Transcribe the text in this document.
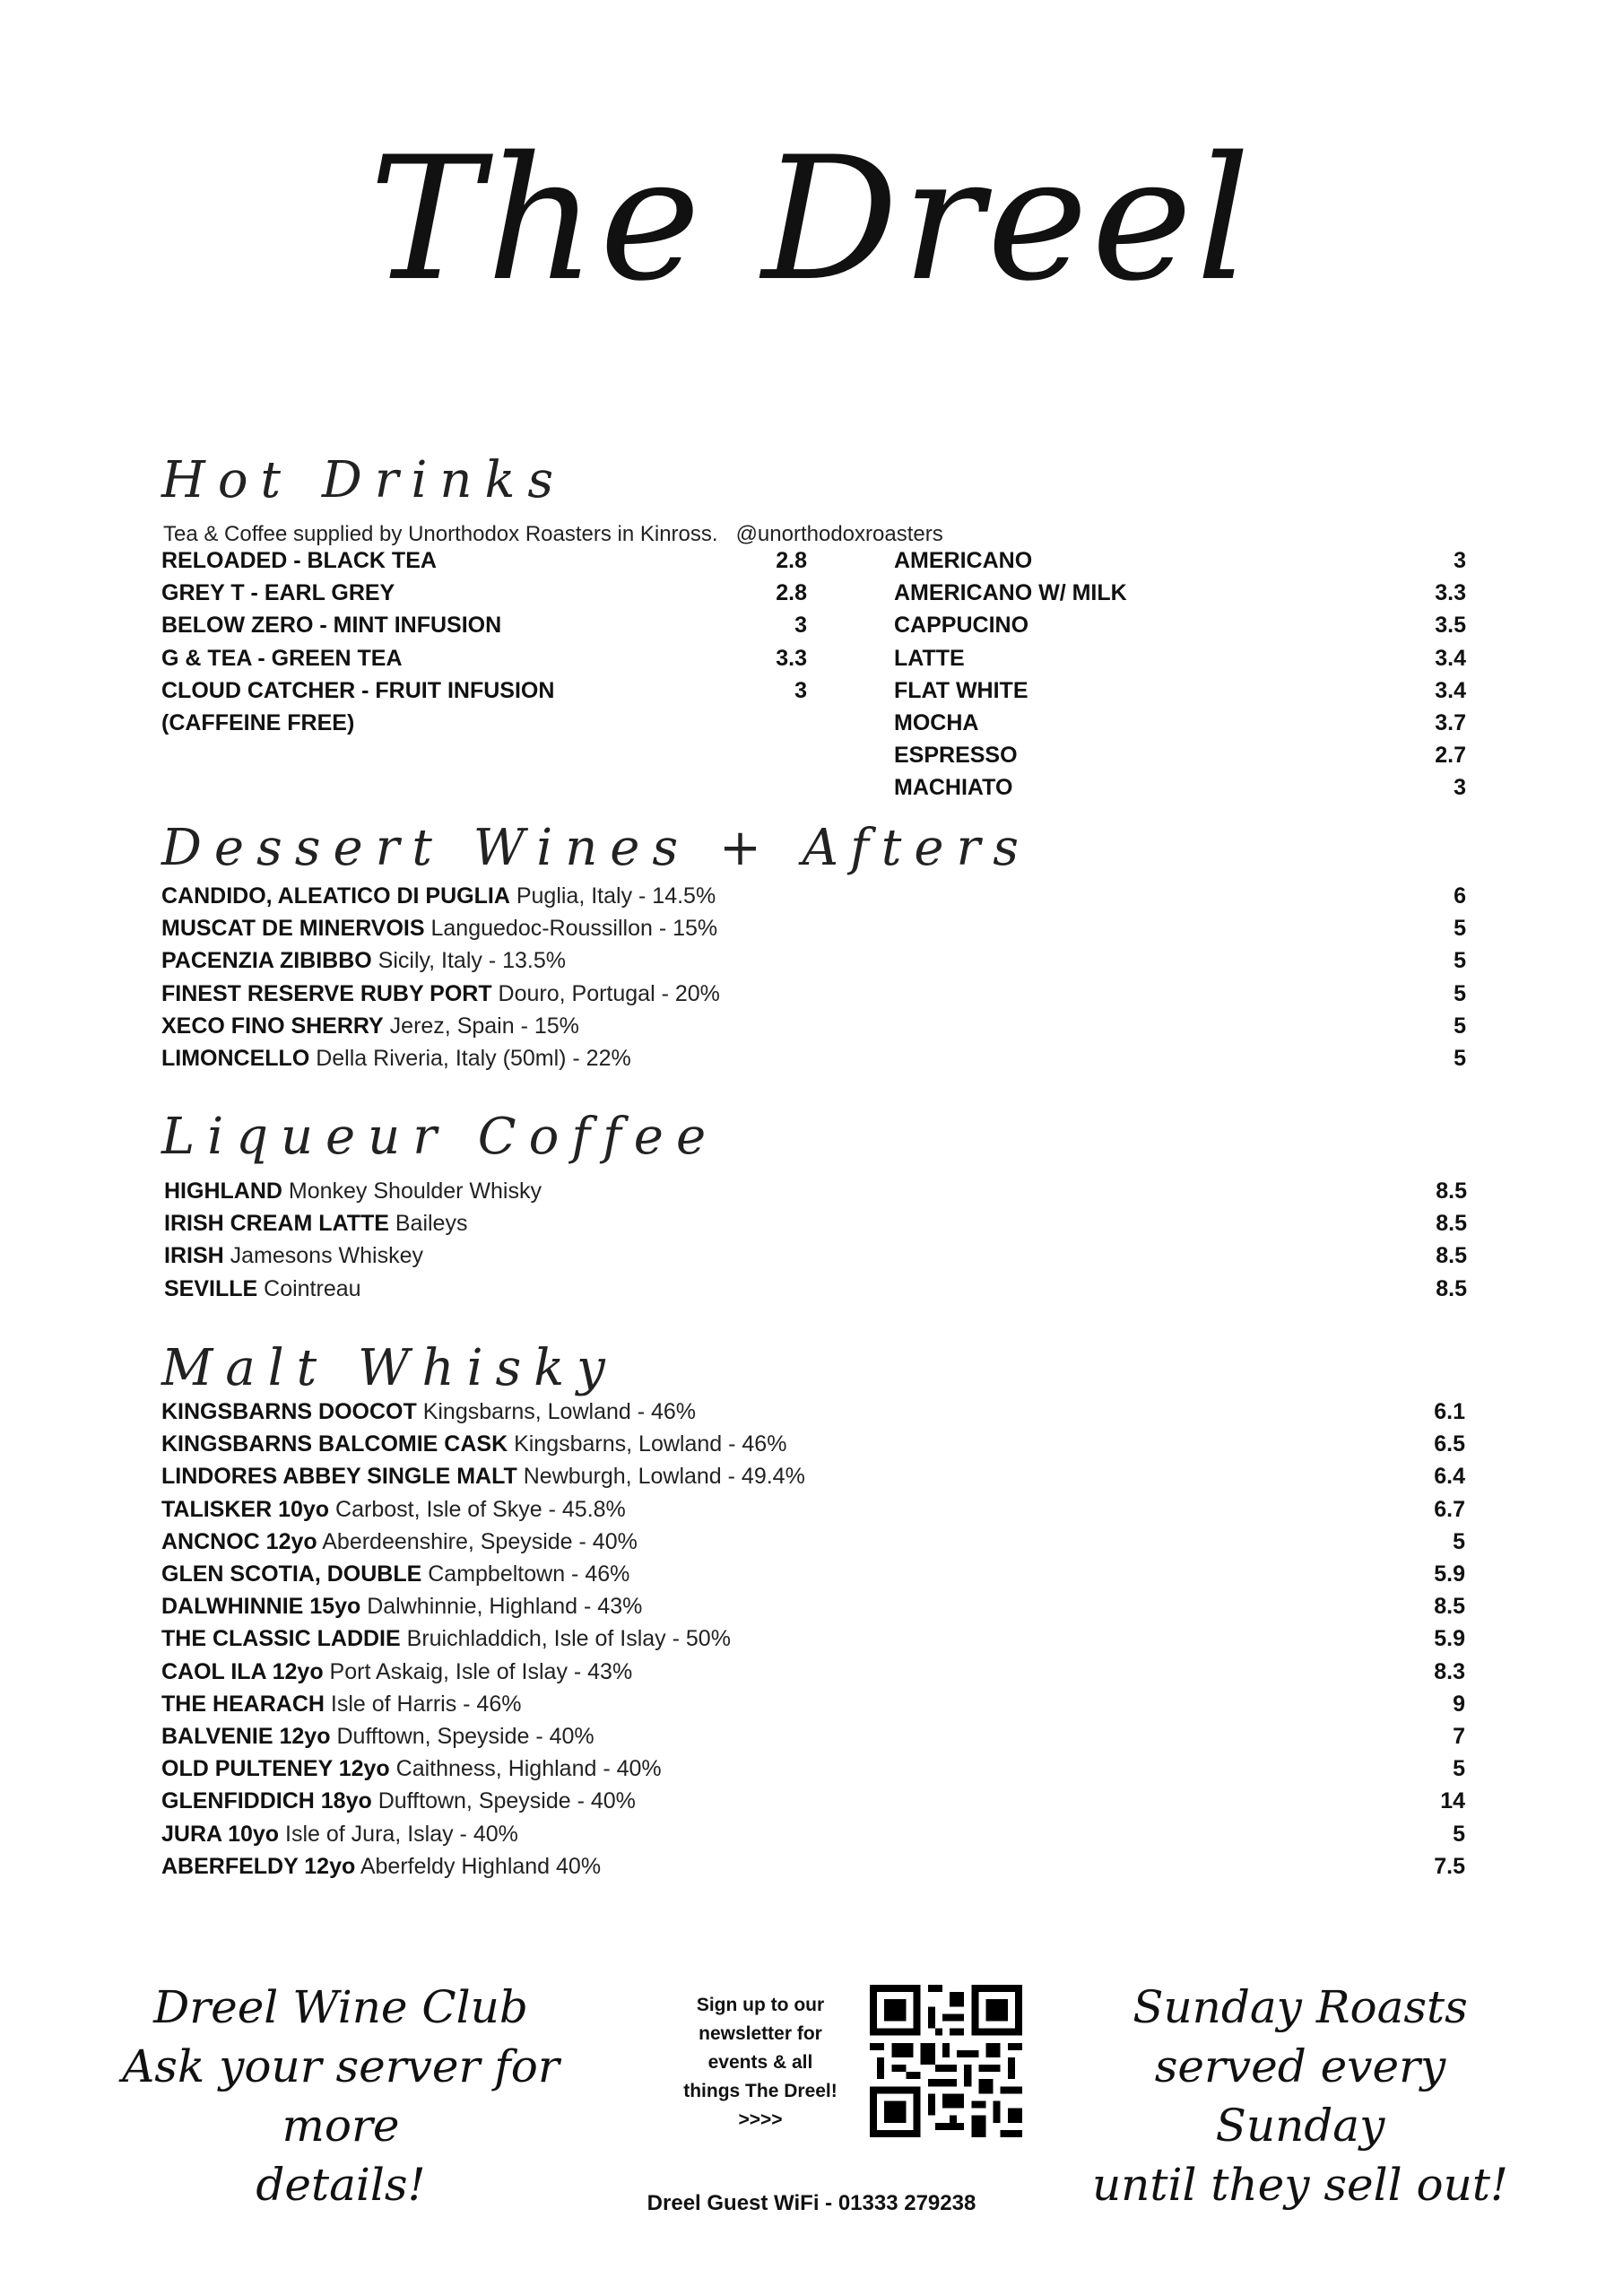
The Dreel
Hot Drinks
Tea & Coffee supplied by Unorthodox Roasters in Kinross. @unorthodoxroasters
RELOADED - BLACK TEA	2.8
GREY T - EARL GREY	2.8
BELOW ZERO - MINT INFUSION	3
G & TEA - GREEN TEA	3.3
CLOUD CATCHER - FRUIT INFUSION	3
(CAFFEINE FREE)
AMERICANO	3
AMERICANO W/ MILK	3.3
CAPPUCINO	3.5
LATTE	3.4
FLAT WHITE	3.4
MOCHA	3.7
ESPRESSO	2.7
MACHIATO	3
Dessert Wines + Afters
CANDIDO, ALEATICO DI PUGLIA Puglia, Italy - 14.5%	6
MUSCAT DE MINERVOIS Languedoc-Roussillon - 15%	5
PACENZIA ZIBIBBO Sicily, Italy - 13.5%	5
FINEST RESERVE RUBY PORT Douro, Portugal - 20%	5
XECO FINO SHERRY Jerez, Spain - 15%	5
LIMONCELLO Della Riveria, Italy (50ml) - 22%	5
Liqueur Coffee
HIGHLAND Monkey Shoulder Whisky	8.5
IRISH CREAM LATTE Baileys	8.5
IRISH Jamesons Whiskey	8.5
SEVILLE Cointreau	8.5
Malt Whisky
KINGSBARNS DOOCOT Kingsbarns, Lowland - 46%	6.1
KINGSBARNS BALCOMIE CASK Kingsbarns, Lowland - 46%	6.5
LINDORES ABBEY SINGLE MALT Newburgh, Lowland - 49.4%	6.4
TALISKER 10yo Carbost, Isle of Skye - 45.8%	6.7
ANCNOC 12yo Aberdeenshire, Speyside - 40%	5
GLEN SCOTIA, DOUBLE Campbeltown - 46%	5.9
DALWHINNIE 15yo Dalwhinnie, Highland - 43%	8.5
THE CLASSIC LADDIE Bruichladdich, Isle of Islay - 50%	5.9
CAOL ILA 12yo Port Askaig, Isle of Islay - 43%	8.3
THE HEARACH Isle of Harris - 46%	9
BALVENIE 12yo Dufftown, Speyside - 40%	7
OLD PULTENEY 12yo Caithness, Highland - 40%	5
GLENFIDDICH 18yo Dufftown, Speyside - 40%	14
JURA 10yo Isle of Jura, Islay - 40%	5
ABERFELDY 12yo Aberfeldy Highland 40%	7.5
Dreel Wine Club
Ask your server for more
details!
Sign up to our
newsletter for
events & all
things The Dreel!
>>>>
Sunday Roasts
served every Sunday
until they sell out!
Dreel Guest WiFi - 01333 279238
